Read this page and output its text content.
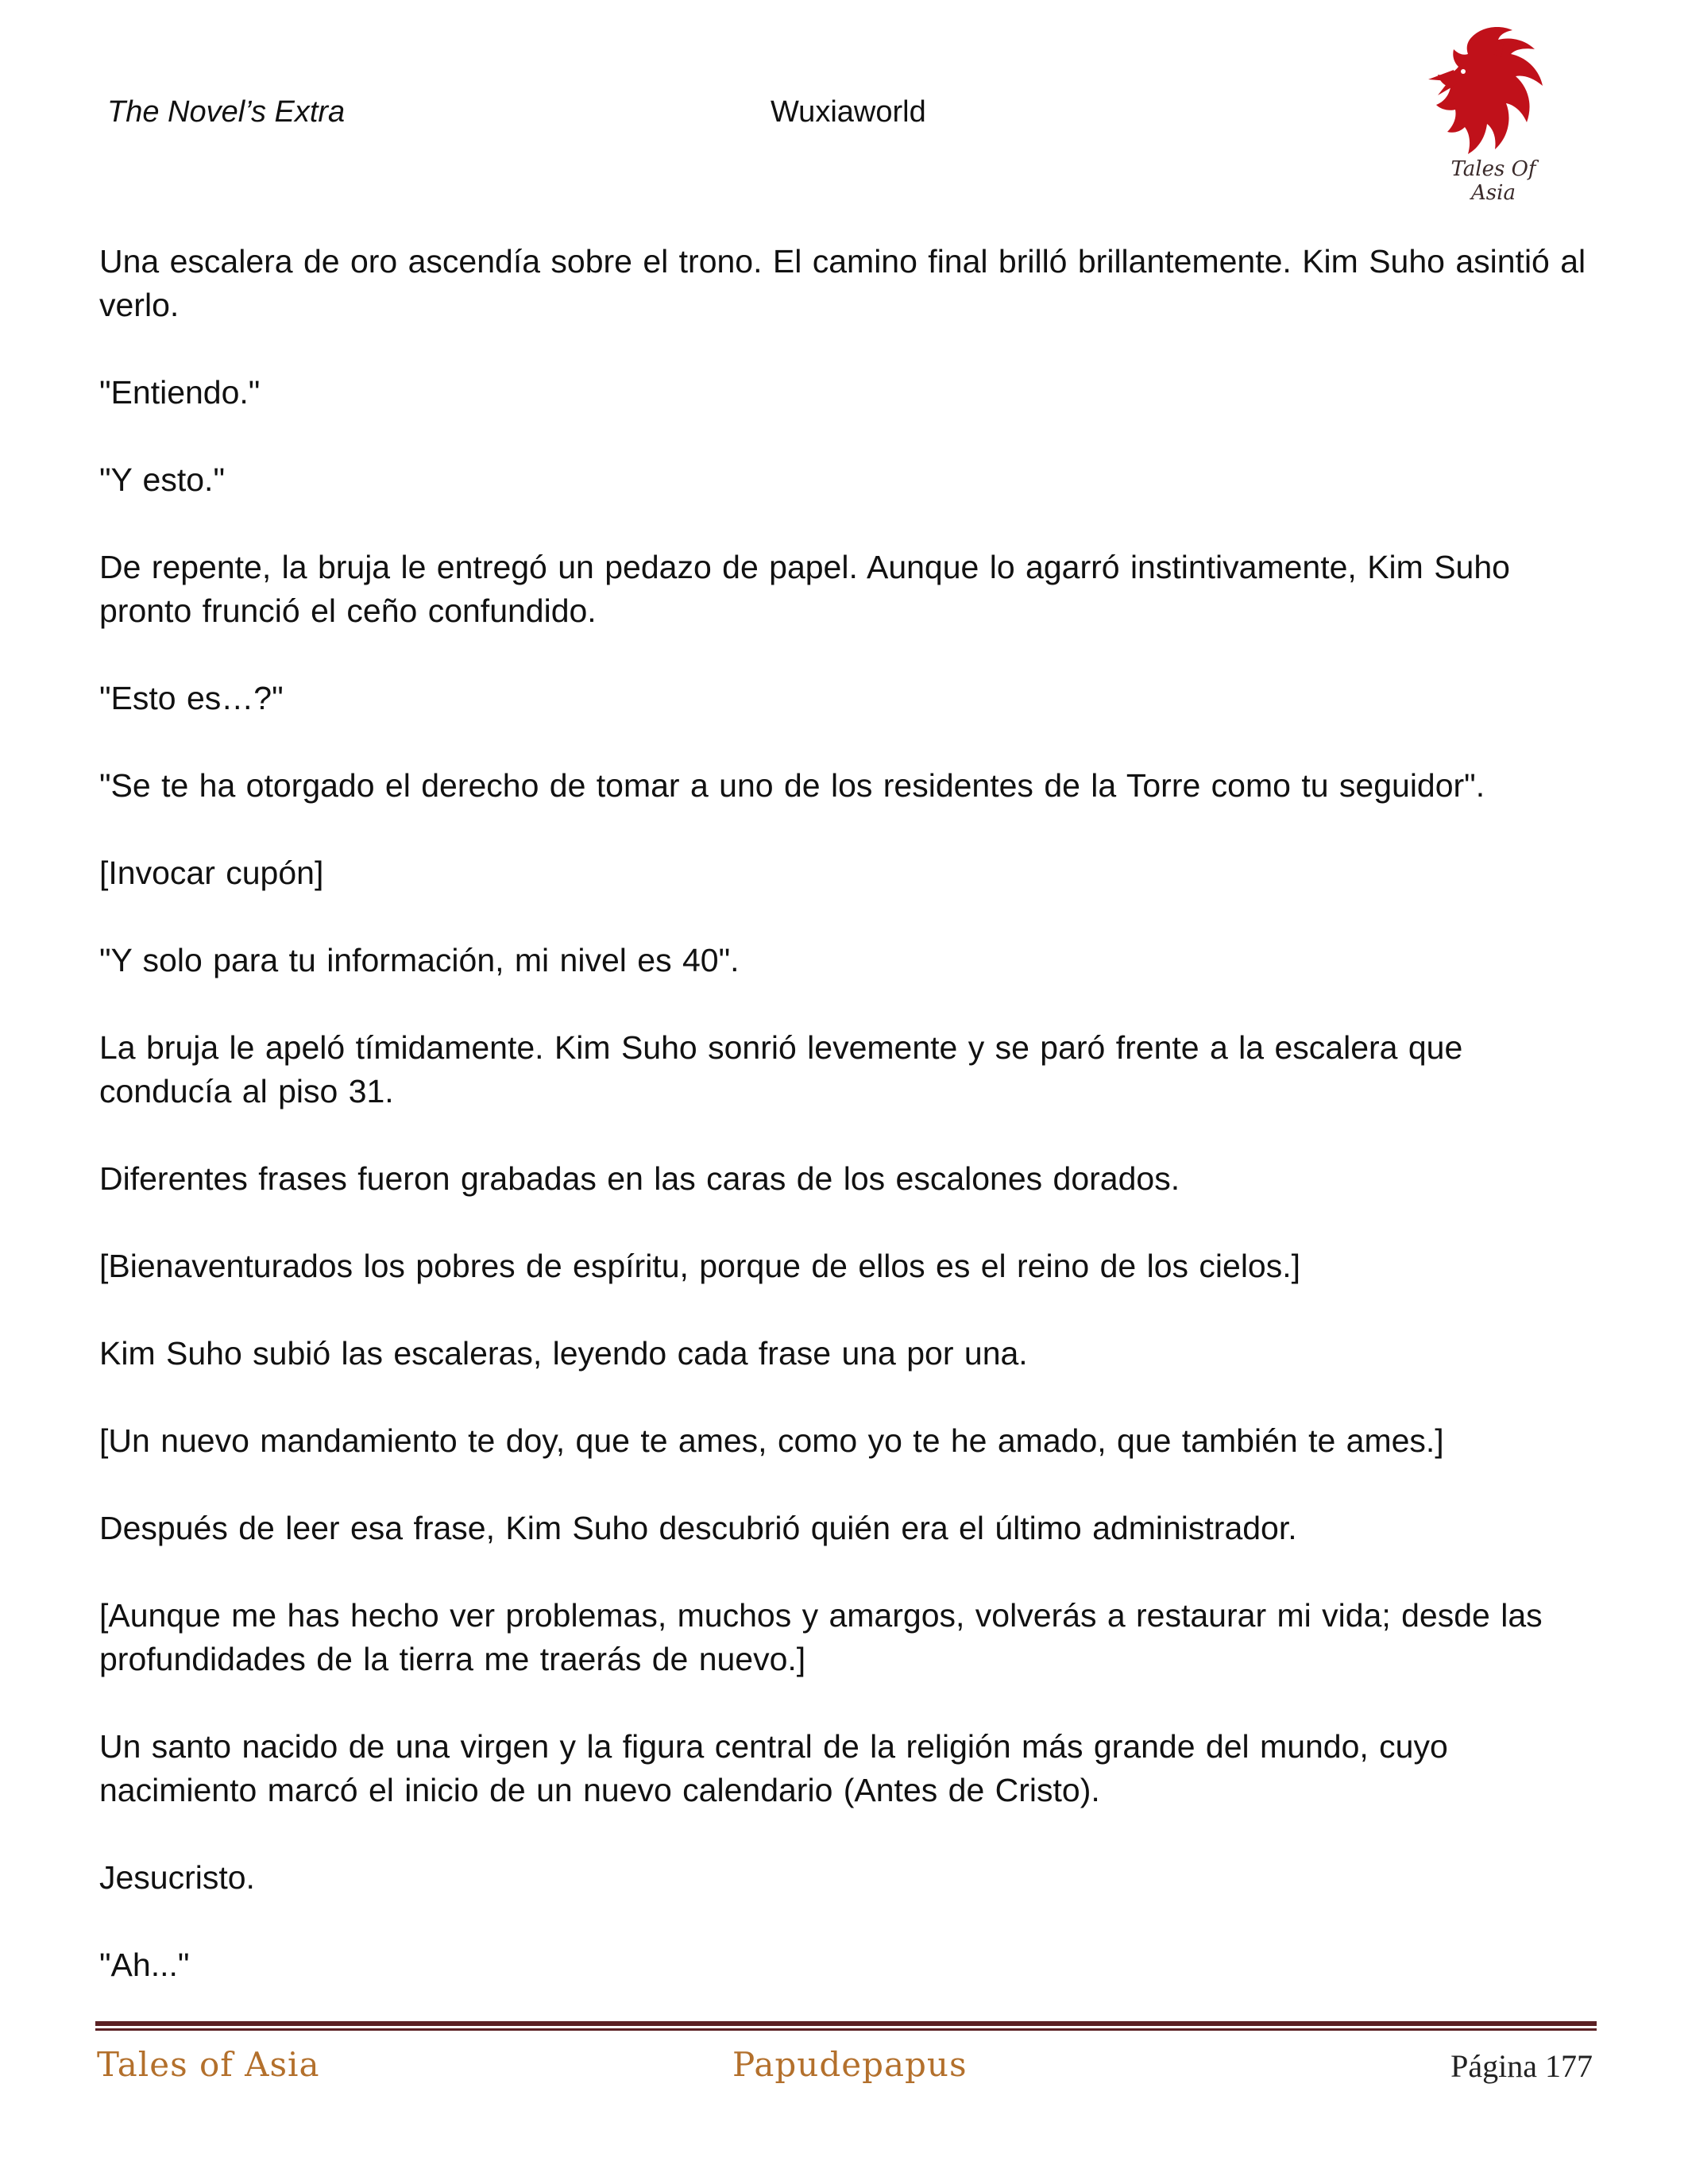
The Novel’s Extra	Wuxiaworld
Tales Of Asia

Una escalera de oro ascendía sobre el trono. El camino final brilló brillantemente. Kim Suho asintió al verlo.

"Entiendo."

"Y esto."

De repente, la bruja le entregó un pedazo de papel. Aunque lo agarró instintivamente, Kim Suho pronto frunció el ceño confundido.

"Esto es…?"

"Se te ha otorgado el derecho de tomar a uno de los residentes de la Torre como tu seguidor".

[Invocar cupón]

"Y solo para tu información, mi nivel es 40".

La bruja le apeló tímidamente. Kim Suho sonrió levemente y se paró frente a la escalera que conducía al piso 31.

Diferentes frases fueron grabadas en las caras de los escalones dorados.

[Bienaventurados los pobres de espíritu, porque de ellos es el reino de los cielos.]

Kim Suho subió las escaleras, leyendo cada frase una por una.

[Un nuevo mandamiento te doy, que te ames, como yo te he amado, que también te ames.]

Después de leer esa frase, Kim Suho descubrió quién era el último administrador.

[Aunque me has hecho ver problemas, muchos y amargos, volverás a restaurar mi vida; desde las profundidades de la tierra me traerás de nuevo.]

Un santo nacido de una virgen y la figura central de la religión más grande del mundo, cuyo nacimiento marcó el inicio de un nuevo calendario (Antes de Cristo).

Jesucristo.

"Ah..."

Tales of Asia	Papudepapus	Página 177
